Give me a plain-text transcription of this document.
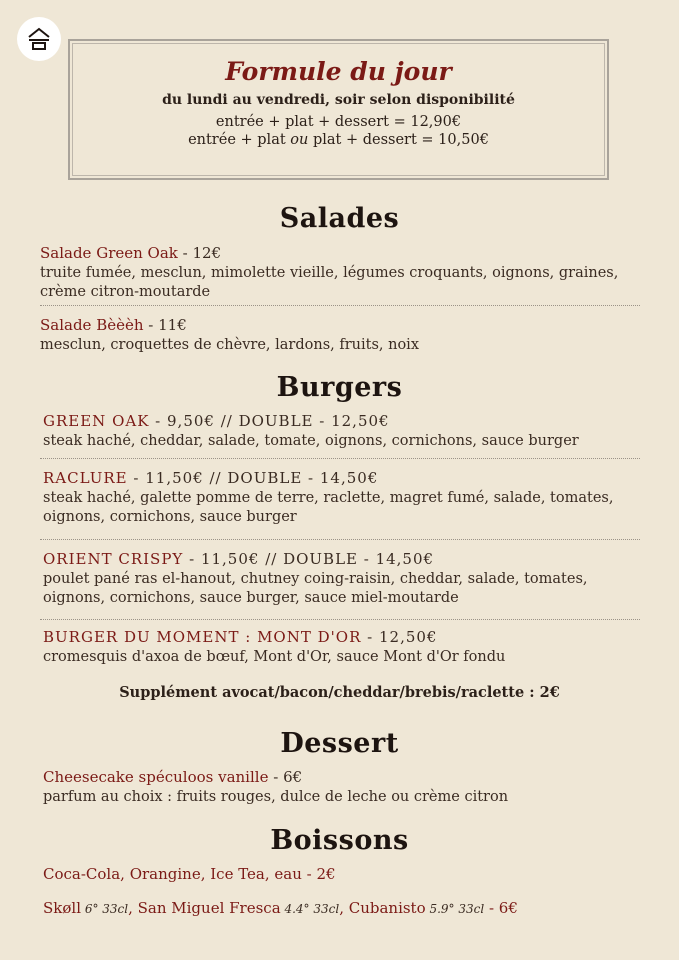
Formule du jour
du lundi au vendredi, soir selon disponibilité
entrée + plat + dessert = 12,90€
entrée + plat ou plat + dessert = 10,50€
Salades
Salade Green Oak - 12€
truite fumée, mesclun, mimolette vieille, légumes croquants, oignons, graines, crème citron-moutarde
Salade Bèèèh - 11€
mesclun, croquettes de chèvre, lardons, fruits, noix
Burgers
GREEN OAK - 9,50€ // DOUBLE - 12,50€
steak haché, cheddar, salade, tomate, oignons, cornichons, sauce burger
RACLURE - 11,50€ // DOUBLE - 14,50€
steak haché, galette pomme de terre, raclette, magret fumé, salade, tomates, oignons, cornichons, sauce burger
ORIENT CRISPY - 11,50€ // DOUBLE - 14,50€
poulet pané ras el-hanout, chutney coing-raisin, cheddar, salade, tomates, oignons, cornichons, sauce burger, sauce miel-moutarde
BURGER DU MOMENT : MONT D'OR - 12,50€
cromesquis d'axoa de bœuf, Mont d'Or, sauce Mont d'Or fondu
Supplément avocat/bacon/cheddar/brebis/raclette : 2€
Dessert
Cheesecake spéculoos vanille - 6€
parfum au choix : fruits rouges, dulce de leche ou crème citron
Boissons
Coca-Cola, Orangine, Ice Tea, eau - 2€
Skøll 6° 33cl, San Miguel Fresca 4.4° 33cl, Cubanisto 5.9° 33cl - 6€
